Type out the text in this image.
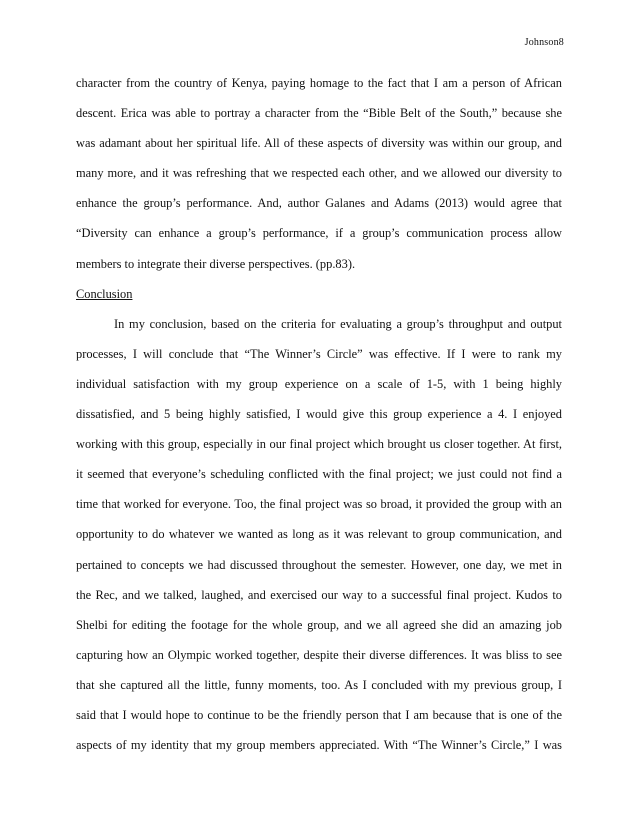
Johnson8
character from the country of Kenya, paying homage to the fact that I am a person of African
descent. Erica was able to portray a character from the “Bible Belt of the South,” because she
was adamant about her spiritual life. All of these aspects of diversity was within our group, and
many more, and it was refreshing that we respected each other, and we allowed our diversity to
enhance the group’s performance. And, author Galanes and Adams (2013) would agree that
“Diversity can enhance a group’s performance, if a group’s communication process allow
members to integrate their diverse perspectives. (pp.83).
Conclusion
In my conclusion, based on the criteria for evaluating a group’s throughput and output
processes, I will conclude that “The Winner’s Circle” was effective. If I were to rank my
individual satisfaction with my group experience on a scale of 1-5, with 1 being highly
dissatisfied, and 5 being highly satisfied, I would give this group experience a 4. I enjoyed
working with this group, especially in our final project which brought us closer together. At first,
it seemed that everyone’s scheduling conflicted with the final project; we just could not find a
time that worked for everyone. Too, the final project was so broad, it provided the group with an
opportunity to do whatever we wanted as long as it was relevant to group communication, and
pertained to concepts we had discussed throughout the semester. However, one day, we met in
the Rec, and we talked, laughed, and exercised our way to a successful final project. Kudos to
Shelbi for editing the footage for the whole group, and we all agreed she did an amazing job
capturing how an Olympic worked together, despite their diverse differences. It was bliss to see
that she captured all the little, funny moments, too. As I concluded with my previous group, I
said that I would hope to continue to be the friendly person that I am because that is one of the
aspects of my identity that my group members appreciated. With “The Winner’s Circle,” I was
